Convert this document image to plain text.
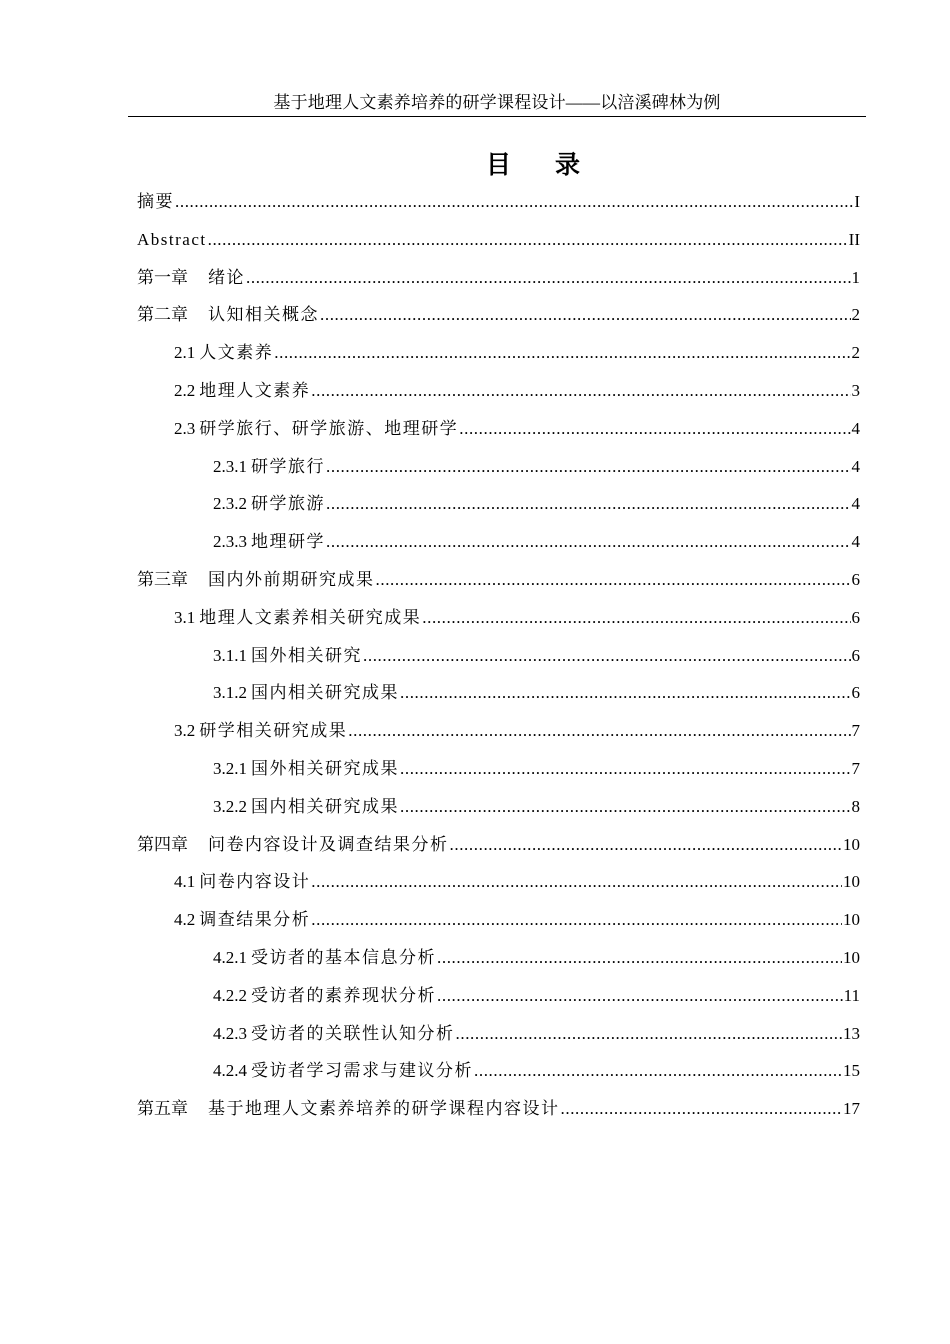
基于地理人文素养培养的研学课程设计——以涪溪碑林为例
目 录
摘要 .....	I
Abstract .....	II
第一章 绪论 .....	1
第二章 认知相关概念 .....	2
2.1 人文素养 .....	2
2.2 地理人文素养 .....	3
2.3 研学旅行、研学旅游、地理研学 .....	4
2.3.1 研学旅行 .....	4
2.3.2 研学旅游 .....	4
2.3.3 地理研学 .....	4
第三章 国内外前期研究成果 .....	6
3.1 地理人文素养相关研究成果 .....	6
3.1.1 国外相关研究 .....	6
3.1.2 国内相关研究成果 .....	6
3.2 研学相关研究成果 .....	7
3.2.1 国外相关研究成果 .....	7
3.2.2 国内相关研究成果 .....	8
第四章 问卷内容设计及调查结果分析 .....	10
4.1 问卷内容设计 .....	10
4.2 调查结果分析 .....	10
4.2.1 受访者的基本信息分析 .....	10
4.2.2 受访者的素养现状分析 .....	11
4.2.3 受访者的关联性认知分析 .....	13
4.2.4 受访者学习需求与建议分析 .....	15
第五章 基于地理人文素养培养的研学课程内容设计 .....	17
